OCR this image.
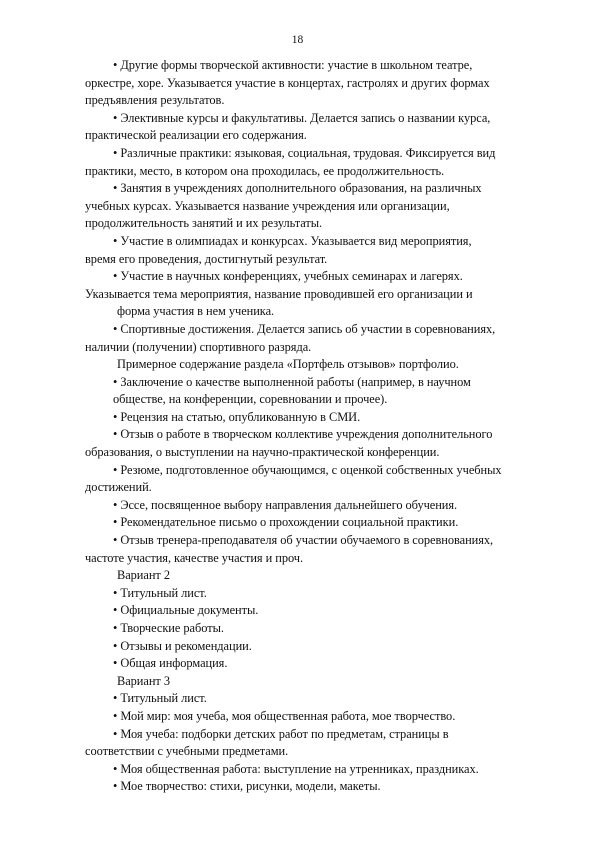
18
• Другие формы творческой активности: участие в школьном театре,
оркестре, хоре. Указывается участие в концертах, гастролях и других формах
предъявления результатов.
• Элективные курсы и факультативы. Делается запись о названии курса,
практической реализации его содержания.
• Различные практики: языковая, социальная, трудовая. Фиксируется вид
практики, место, в котором она проходилась, ее продолжительность.
• Занятия в учреждениях дополнительного образования, на различных
учебных курсах. Указывается название учреждения или организации,
продолжительность занятий и их результаты.
• Участие в олимпиадах и конкурсах. Указывается вид мероприятия,
время его проведения, достигнутый результат.
• Участие в научных конференциях, учебных семинарах и лагерях.
Указывается тема мероприятия, название проводившей его организации и
форма участия в нем ученика.
• Спортивные достижения. Делается запись об участии в соревнованиях,
наличии (получении) спортивного разряда.
Примерное содержание раздела «Портфель отзывов» портфолио.
• Заключение о качестве выполненной работы (например, в научном
обществе, на конференции, соревновании и прочее).
• Рецензия на статью, опубликованную в СМИ.
• Отзыв о работе в творческом коллективе учреждения дополнительного
образования, о выступлении на научно-практической конференции.
• Резюме, подготовленное обучающимся, с оценкой собственных учебных
достижений.
• Эссе, посвященное выбору направления дальнейшего обучения.
• Рекомендательное письмо о прохождении социальной практики.
• Отзыв тренера-преподавателя об участии обучаемого в соревнованиях,
частоте участия, качестве участия и проч.
Вариант 2
• Титульный лист.
• Официальные документы.
• Творческие работы.
• Отзывы и рекомендации.
• Общая информация.
Вариант 3
• Титульный лист.
• Мой мир: моя учеба, моя общественная работа, мое творчество.
• Моя учеба: подборки детских работ по предметам, страницы в
соответствии с учебными предметами.
• Моя общественная работа: выступление на утренниках, праздниках.
• Мое творчество: стихи, рисунки, модели, макеты.
